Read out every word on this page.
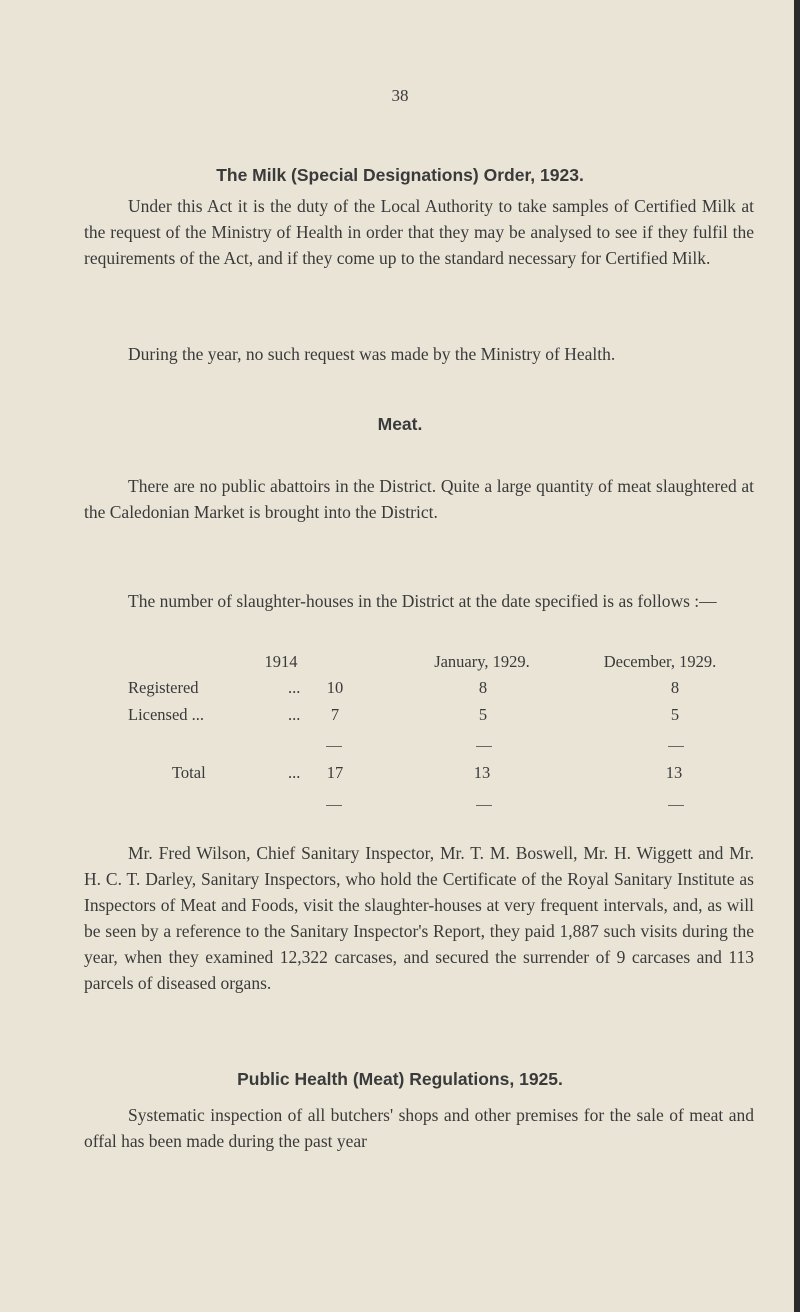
38
The Milk (Special Designations) Order, 1923.
Under this Act it is the duty of the Local Authority to take samples of Certified Milk at the request of the Ministry of Health in order that they may be analysed to see if they fulfil the requirements of the Act, and if they come up to the standard necessary for Certified Milk.
During the year, no such request was made by the Ministry of Health.
Meat.
There are no public abattoirs in the District. Quite a large quantity of meat slaughtered at the Caledonian Market is brought into the District.
The number of slaughter-houses in the District at the date specified is as follows :—
1914	January, 1929.	December, 1929.
Registered	...	10	8	8
Licensed ...	...	7	5	5
Total	...	17	13	13
Mr. Fred Wilson, Chief Sanitary Inspector, Mr. T. M. Boswell, Mr. H. Wiggett and Mr. H. C. T. Darley, Sanitary Inspectors, who hold the Certificate of the Royal Sanitary Institute as Inspectors of Meat and Foods, visit the slaughter-houses at very frequent intervals, and, as will be seen by a reference to the Sanitary Inspector's Report, they paid 1,887 such visits during the year, when they examined 12,322 carcases, and secured the surrender of 9 carcases and 113 parcels of diseased organs.
Public Health (Meat) Regulations, 1925.
Systematic inspection of all butchers' shops and other premises for the sale of meat and offal has been made during the past year
